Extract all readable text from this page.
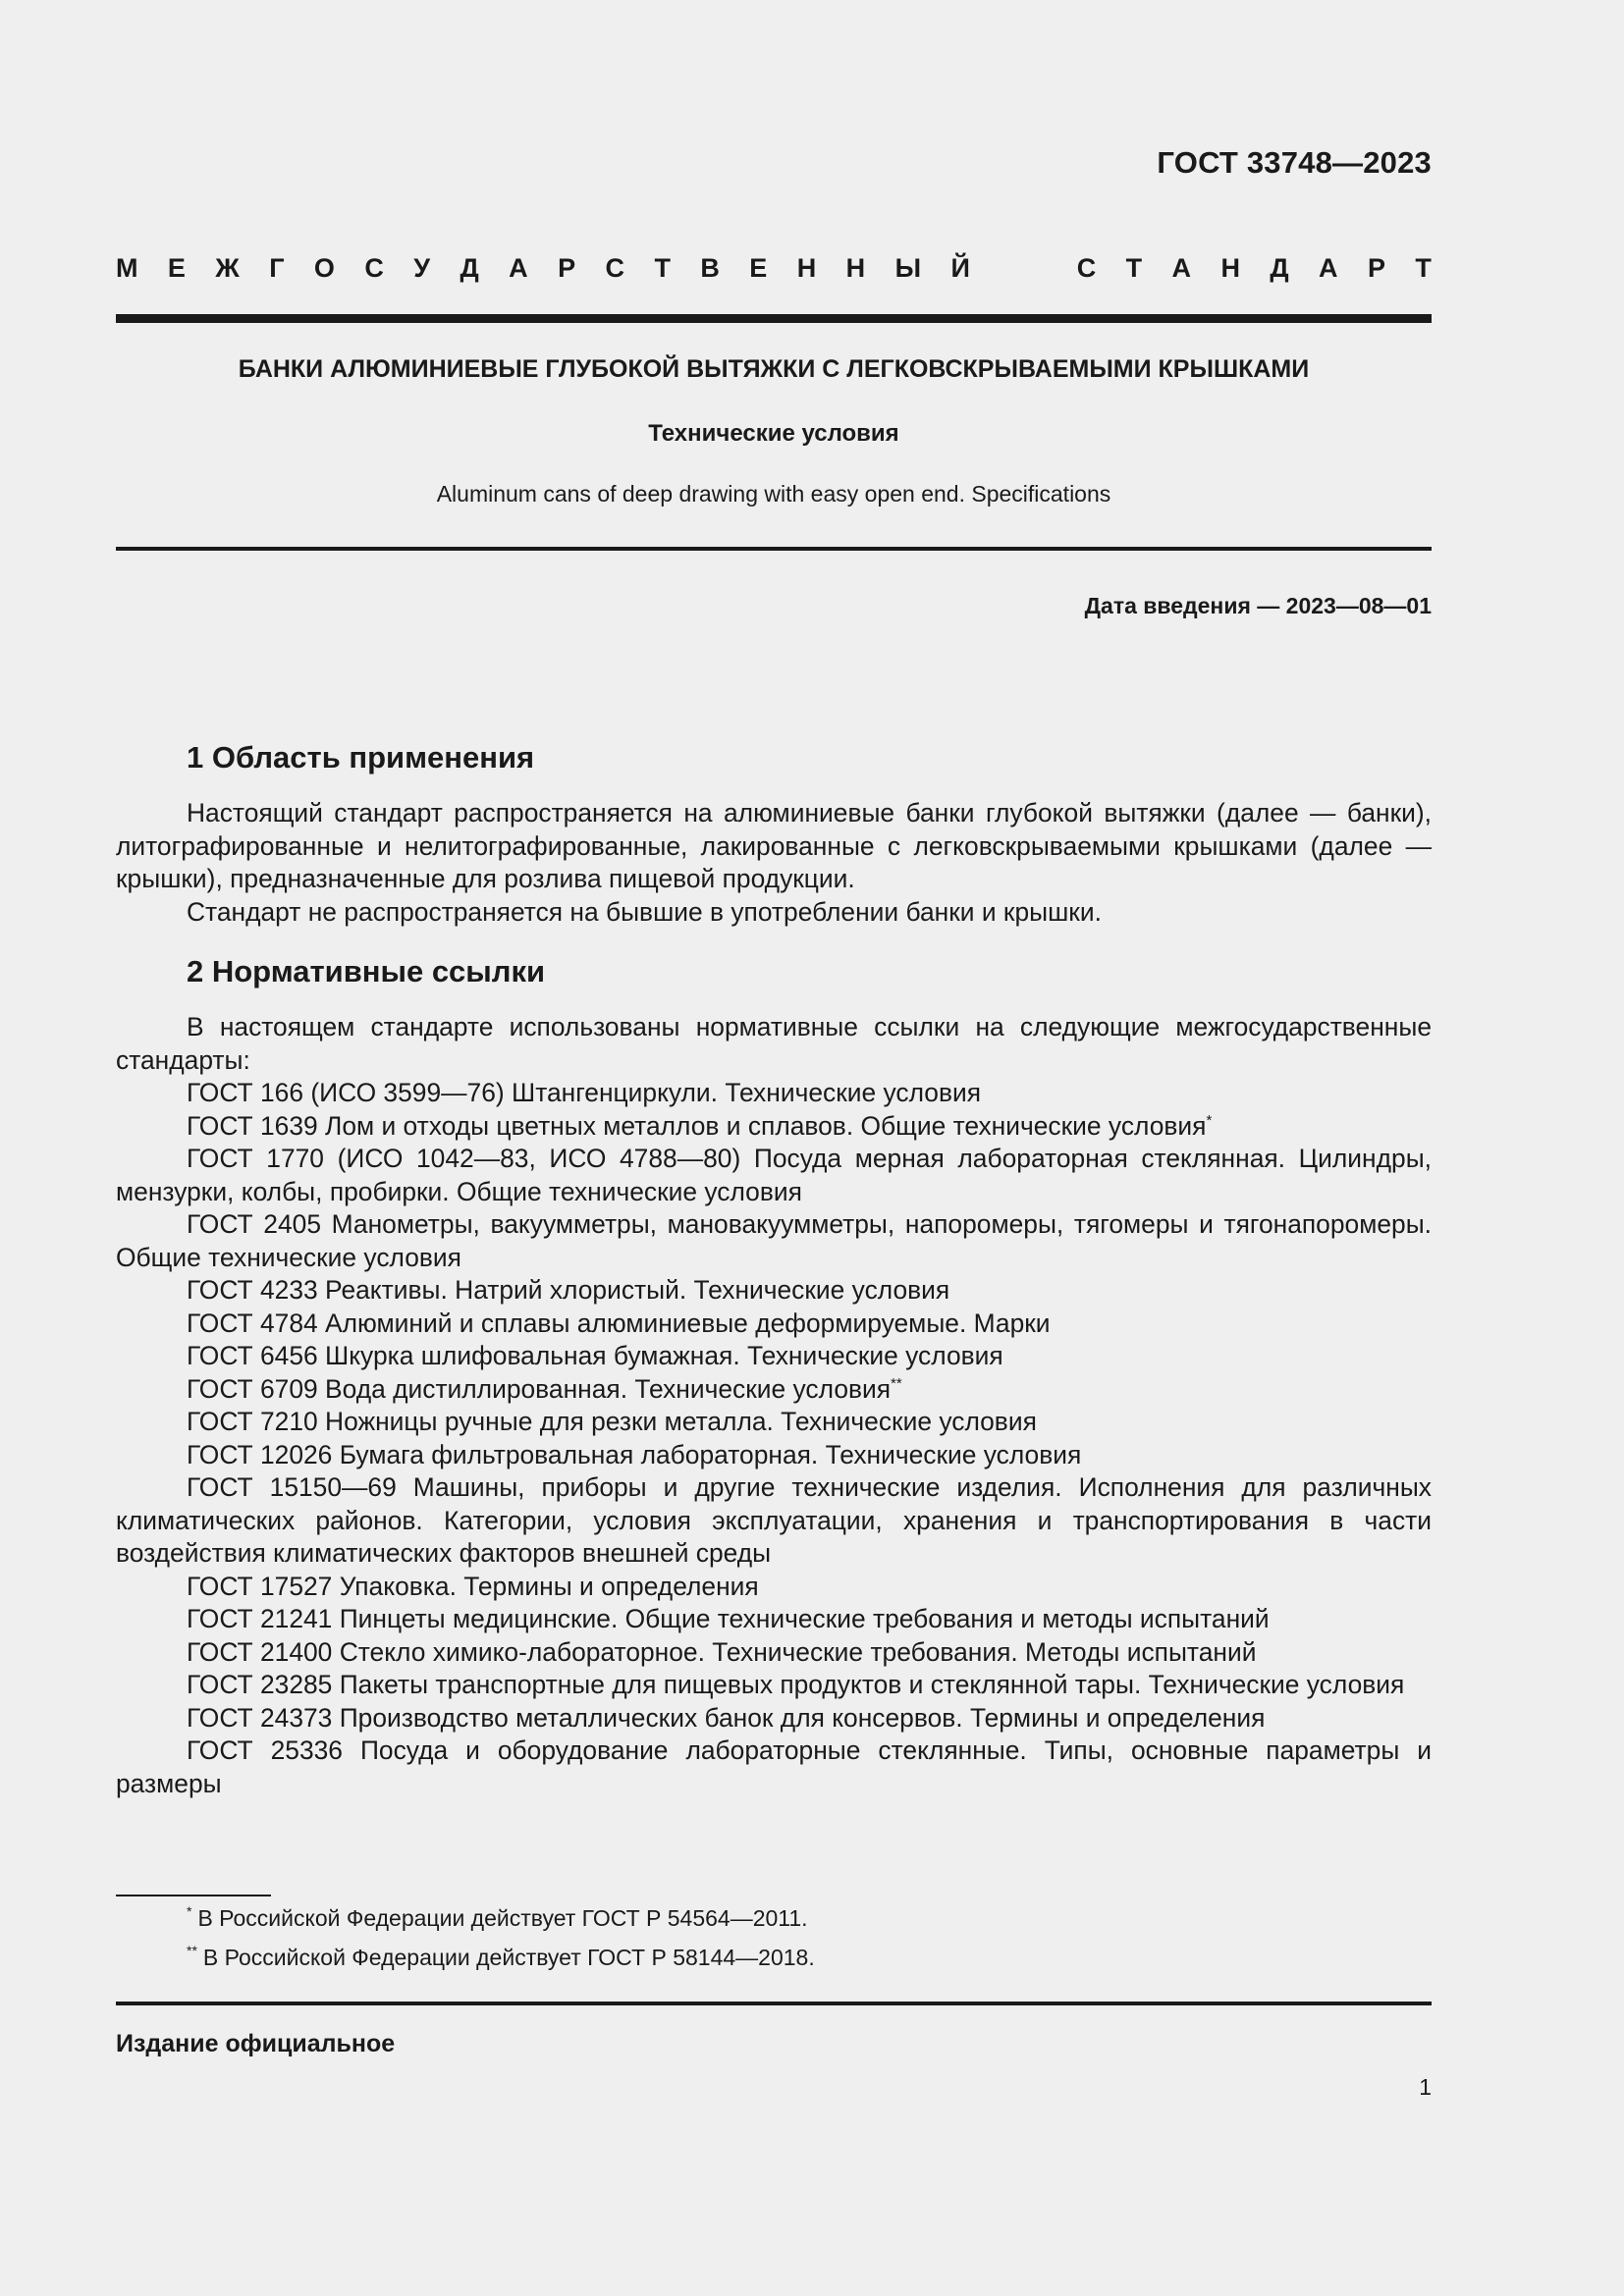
ГОСТ 33748—2023
М Е Ж Г О С У Д А Р С Т В Е Н Н Ы Й	С Т А Н Д А Р Т
БАНКИ АЛЮМИНИЕВЫЕ ГЛУБОКОЙ ВЫТЯЖКИ С ЛЕГКОВСКРЫВАЕМЫМИ КРЫШКАМИ
Технические условия
Aluminum cans of deep drawing with easy open end. Specifications
Дата введения — 2023—08—01
1 Область применения

Настоящий стандарт распространяется на алюминиевые банки глубокой вытяжки (далее — банки), литографированные и нелитографированные, лакированные с легковскрываемыми крышками (далее — крышки), предназначенные для розлива пищевой продукции.

Стандарт не распространяется на бывшие в употреблении банки и крышки.

2 Нормативные ссылки

В настоящем стандарте использованы нормативные ссылки на следующие межгосударственные стандарты:

ГОСТ 166 (ИСО 3599—76) Штангенциркули. Технические условия

ГОСТ 1639 Лом и отходы цветных металлов и сплавов. Общие технические условия*

ГОСТ 1770 (ИСО 1042—83, ИСО 4788—80) Посуда мерная лабораторная стеклянная. Цилиндры, мензурки, колбы, пробирки. Общие технические условия

ГОСТ 2405 Манометры, вакуумметры, мановакуумметры, напоромеры, тягомеры и тягонапоромеры. Общие технические условия

ГОСТ 4233 Реактивы. Натрий хлористый. Технические условия

ГОСТ 4784 Алюминий и сплавы алюминиевые деформируемые. Марки

ГОСТ 6456 Шкурка шлифовальная бумажная. Технические условия

ГОСТ 6709 Вода дистиллированная. Технические условия**

ГОСТ 7210 Ножницы ручные для резки металла. Технические условия

ГОСТ 12026 Бумага фильтровальная лабораторная. Технические условия

ГОСТ 15150—69 Машины, приборы и другие технические изделия. Исполнения для различных климатических районов. Категории, условия эксплуатации, хранения и транспортирования в части воздействия климатических факторов внешней среды

ГОСТ 17527 Упаковка. Термины и определения

ГОСТ 21241 Пинцеты медицинские. Общие технические требования и методы испытаний

ГОСТ 21400 Стекло химико-лабораторное. Технические требования. Методы испытаний

ГОСТ 23285 Пакеты транспортные для пищевых продуктов и стеклянной тары. Технические условия

ГОСТ 24373 Производство металлических банок для консервов. Термины и определения

ГОСТ 25336 Посуда и оборудование лабораторные стеклянные. Типы, основные параметры и размеры

* В Российской Федерации действует ГОСТ Р 54564—2011.
** В Российской Федерации действует ГОСТ Р 58144—2018.
Издание официальное
1
